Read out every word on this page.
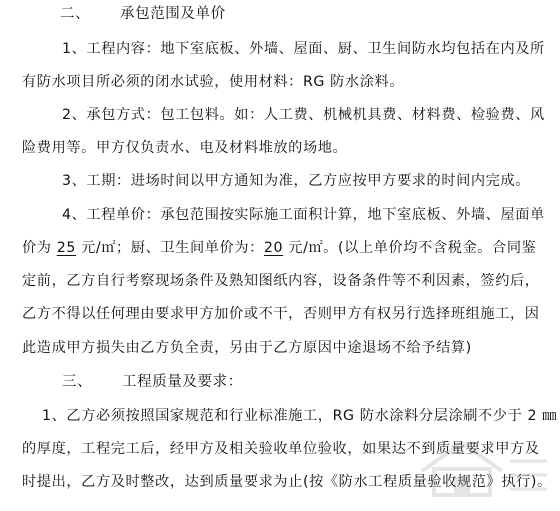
二、 承包范围及单价
1、工程内容：地下室底板、外墙、屋面、厨、卫生间防水均包括在内及所
有防水项目所必须的闭水试验，使用材料：RG 防水涂料。
2、承包方式：包工包料。如：人工费、机械机具费、材料费、检验费、风
险费用等。甲方仅负责水、电及材料堆放的场地。
3、工期：进场时间以甲方通知为准，乙方应按甲方要求的时间内完成。
4、工程单价：承包范围按实际施工面积计算，地下室底板、外墙、屋面单
价为 25 元/㎡；厨、卫生间单价为：20 元/㎡。(以上单价均不含税金。合同鉴
定前，乙方自行考察现场条件及熟知图纸内容，设备条件等不利因素，签约后，
乙方不得以任何理由要求甲方加价或不干，否则甲方有权另行选择班组施工，因
此造成甲方损失由乙方负全责，另由于乙方原因中途退场不给予结算)
三、 工程质量及要求：
1、乙方必须按照国家规范和行业标准施工，RG 防水涂料分层涂刷不少于 2 ㎜
的厚度，工程完工后，经甲方及相关验收单位验收，如果达不到质量要求甲方及
时提出，乙方及时整改，达到质量要求为止(按《防水工程质量验收规范》执行)。
